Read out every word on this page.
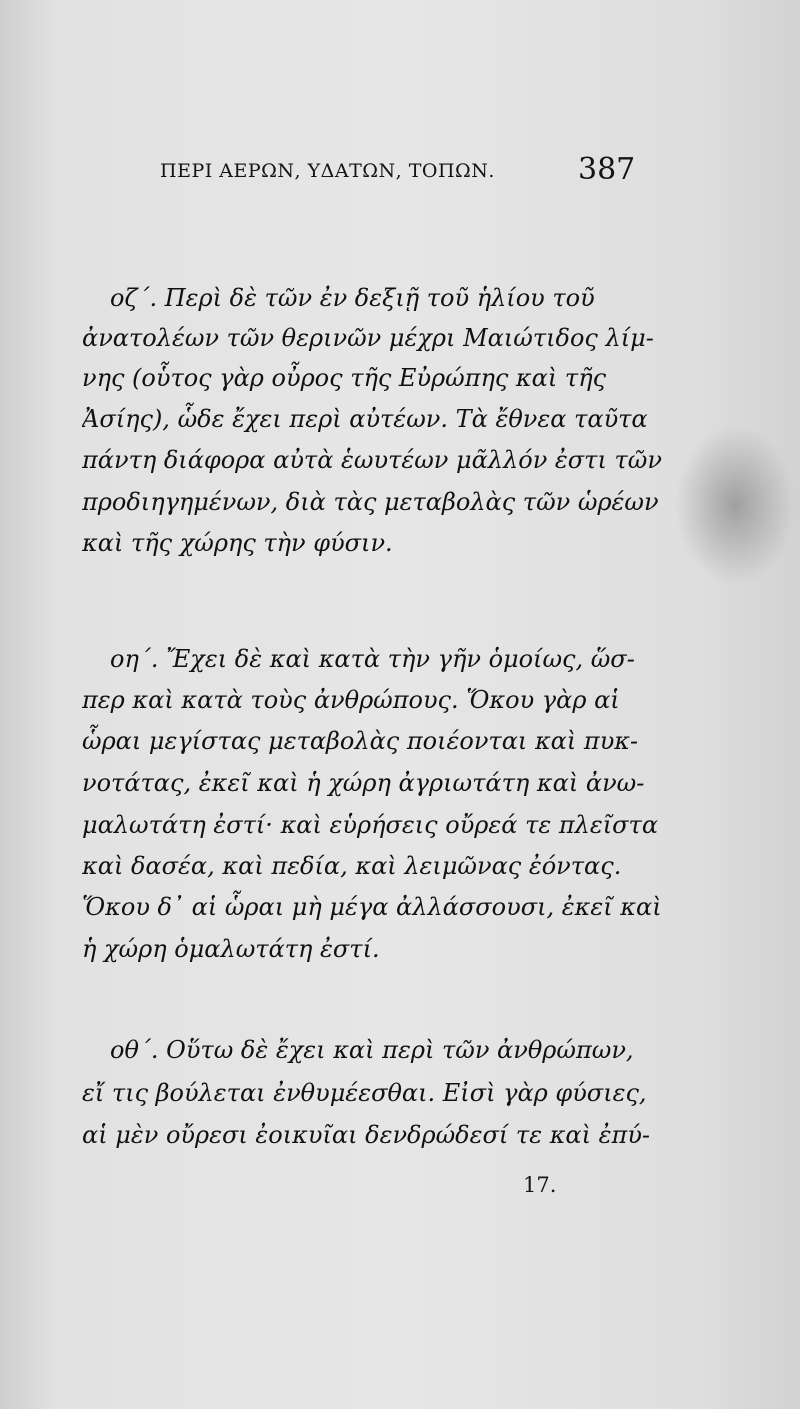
ΠΕΡΙ ΑΕΡΩΝ, ΥΔΑΤΩΝ, ΤΟΠΩΝ.	387
οζ΄. Περὶ δὲ τῶν ἐν δεξιῇ τοῦ ἡλίου τοῦ
ἀνατολέων τῶν θερινῶν μέχρι Μαιώτιδος λίμ-
νης (οὗτος γὰρ οὖρος τῆς Εὐρώπης καὶ τῆς
Ἀσίης), ὧδε ἔχει περὶ αὐτέων. Τὰ ἔθνεα ταῦτα
πάντη διάφορα αὐτὰ ἑωυτέων μᾶλλόν ἐστι τῶν
προδιηγημένων, διὰ τὰς μεταβολὰς τῶν ὡρέων
καὶ τῆς χώρης τὴν φύσιν.
οη΄. Ἔχει δὲ καὶ κατὰ τὴν γῆν ὁμοίως, ὥσ-
περ καὶ κατὰ τοὺς ἀνθρώπους. Ὅκου γὰρ αἱ
ὧραι μεγίστας μεταβολὰς ποιέονται καὶ πυκ-
νοτάτας, ἐκεῖ καὶ ἡ χώρη ἀγριωτάτη καὶ ἀνω-
μαλωτάτη ἐστί· καὶ εὑρήσεις οὔρεά τε πλεῖστα
καὶ δασέα, καὶ πεδία, καὶ λειμῶνας ἐόντας.
Ὅκου δ᾽ αἱ ὧραι μὴ μέγα ἀλλάσσουσι, ἐκεῖ καὶ
ἡ χώρη ὁμαλωτάτη ἐστί.
οθ΄. Οὕτω δὲ ἔχει καὶ περὶ τῶν ἀνθρώπων,
εἴ τις βούλεται ἐνθυμέεσθαι. Εἰσὶ γὰρ φύσιες,
αἱ μὲν οὔρεσι ἐοικυῖαι δενδρώδεσί τε καὶ ἐπύ-
17.
